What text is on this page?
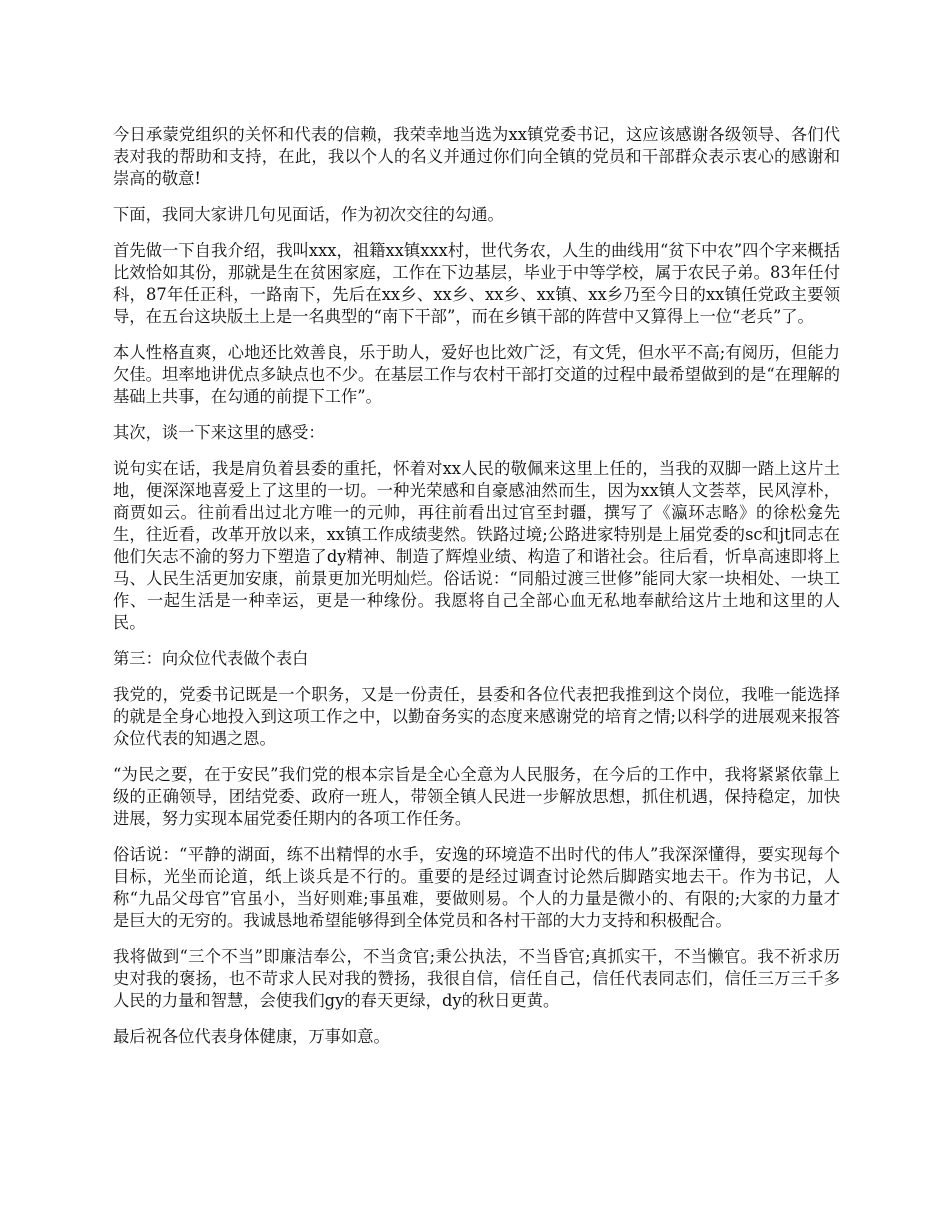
今日承蒙党组织的关怀和代表的信赖，我荣幸地当选为xx镇党委书记，这应该感谢各级领导、各们代表对我的帮助和支持，在此，我以个人的名义并通过你们向全镇的党员和干部群众表示衷心的感谢和崇高的敬意!

下面，我同大家讲几句见面话，作为初次交往的勾通。

首先做一下自我介绍，我叫xxx，祖籍xx镇xxx村，世代务农，人生的曲线用“贫下中农”四个字来概括比效恰如其份，那就是生在贫困家庭，工作在下边基层，毕业于中等学校，属于农民子弟。83年任付科，87年任正科，一路南下，先后在xx乡、xx乡、xx乡、xx镇、xx乡乃至今日的xx镇任党政主要领导，在五台这块版土上是一名典型的“南下干部”，而在乡镇干部的阵营中又算得上一位“老兵”了。

本人性格直爽，心地还比效善良，乐于助人，爱好也比效广泛，有文凭，但水平不高;有阅历，但能力欠佳。坦率地讲优点多缺点也不少。在基层工作与农村干部打交道的过程中最希望做到的是“在理解的基础上共事，在勾通的前提下工作”。

其次，谈一下来这里的感受：

说句实在话，我是肩负着县委的重托，怀着对xx人民的敬佩来这里上任的，当我的双脚一踏上这片土地，便深深地喜爱上了这里的一切。一种光荣感和自豪感油然而生，因为xx镇人文荟萃，民风淳朴，商贾如云。往前看出过北方唯一的元帅，再往前看出过官至封疆，撰写了《瀛环志略》的徐松龛先生，往近看，改革开放以来，xx镇工作成绩斐然。铁路过境;公路进家特别是上届党委的sc和jt同志在他们矢志不渝的努力下塑造了dy精神、制造了辉煌业绩、构造了和谐社会。往后看，忻阜高速即将上马、人民生活更加安康，前景更加光明灿烂。俗话说：“同船过渡三世修”能同大家一块相处、一块工作、一起生活是一种幸运，更是一种缘份。我愿将自己全部心血无私地奉献给这片土地和这里的人民。

第三：向众位代表做个表白

我党的，党委书记既是一个职务，又是一份责任，县委和各位代表把我推到这个岗位，我唯一能选择的就是全身心地投入到这项工作之中，以勤奋务实的态度来感谢党的培育之情;以科学的进展观来报答众位代表的知遇之恩。

“为民之要，在于安民”我们党的根本宗旨是全心全意为人民服务，在今后的工作中，我将紧紧依靠上级的正确领导，团结党委、政府一班人，带领全镇人民进一步解放思想，抓住机遇，保持稳定，加快进展，努力实现本届党委任期内的各项工作任务。

俗话说：“平静的湖面，练不出精悍的水手，安逸的环境造不出时代的伟人”我深深懂得，要实现每个目标，光坐而论道，纸上谈兵是不行的。重要的是经过调查讨论然后脚踏实地去干。作为书记，人称“九品父母官”官虽小，当好则难;事虽难，要做则易。个人的力量是微小的、有限的;大家的力量才是巨大的无穷的。我诚恳地希望能够得到全体党员和各村干部的大力支持和积极配合。

我将做到“三个不当”即廉洁奉公，不当贪官;秉公执法，不当昏官;真抓实干，不当懒官。我不祈求历史对我的褒扬，也不苛求人民对我的赞扬，我很自信，信任自己，信任代表同志们，信任三万三千多人民的力量和智慧，会使我们gy的春天更绿，dy的秋日更黄。

最后祝各位代表身体健康，万事如意。
